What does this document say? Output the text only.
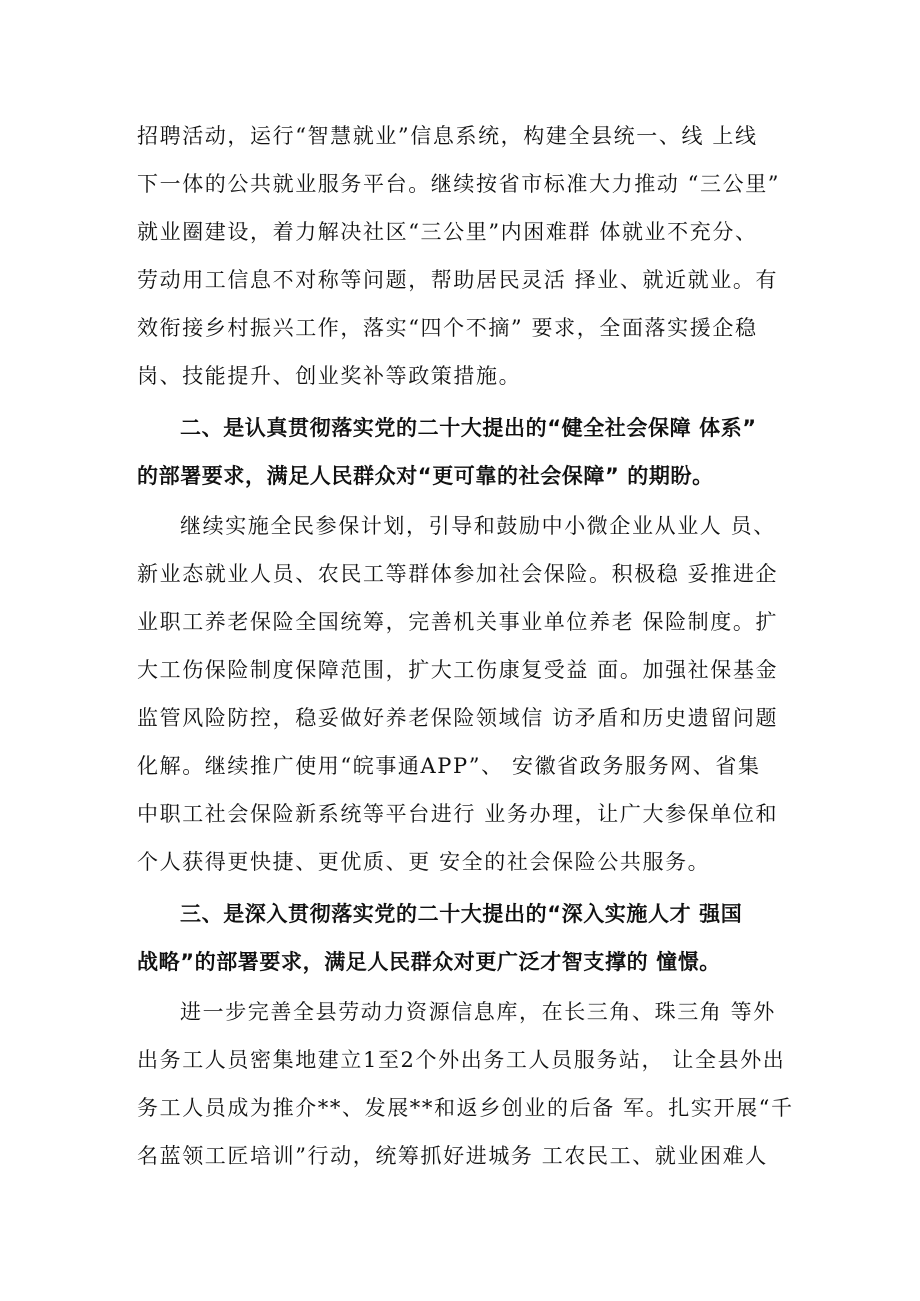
招聘活动，运行“智慧就业”信息系统，构建全县统一、线 上线
下一体的公共就业服务平台。继续按省市标准大力推动 “三公里”
就业圈建设，着力解决社区“三公里”内困难群 体就业不充分、
劳动用工信息不对称等问题，帮助居民灵活 择业、就近就业。有
效衔接乡村振兴工作，落实“四个不摘” 要求，全面落实援企稳
岗、技能提升、创业奖补等政策措施。
二、是认真贯彻落实党的二十大提出的“健全社会保障 体系”
的部署要求，满足人民群众对“更可靠的社会保障” 的期盼。
继续实施全民参保计划，引导和鼓励中小微企业从业人 员、
新业态就业人员、农民工等群体参加社会保险。积极稳 妥推进企
业职工养老保险全国统筹，完善机关事业单位养老 保险制度。扩
大工伤保险制度保障范围，扩大工伤康复受益 面。加强社保基金
监管风险防控，稳妥做好养老保险领域信 访矛盾和历史遗留问题
化解。继续推广使用“皖事通APP”、 安徽省政务服务网、省集
中职工社会保险新系统等平台进行 业务办理，让广大参保单位和
个人获得更快捷、更优质、更 安全的社会保险公共服务。
三、是深入贯彻落实党的二十大提出的“深入实施人才 强国
战略”的部署要求，满足人民群众对更广泛才智支撑的 憧憬。
进一步完善全县劳动力资源信息库，在长三角、珠三角 等外
出务工人员密集地建立1至2个外出务工人员服务站， 让全县外出
务工人员成为推介**、发展**和返乡创业的后备 军。扎实开展“千
名蓝领工匠培训”行动，统筹抓好进城务 工农民工、就业困难人
